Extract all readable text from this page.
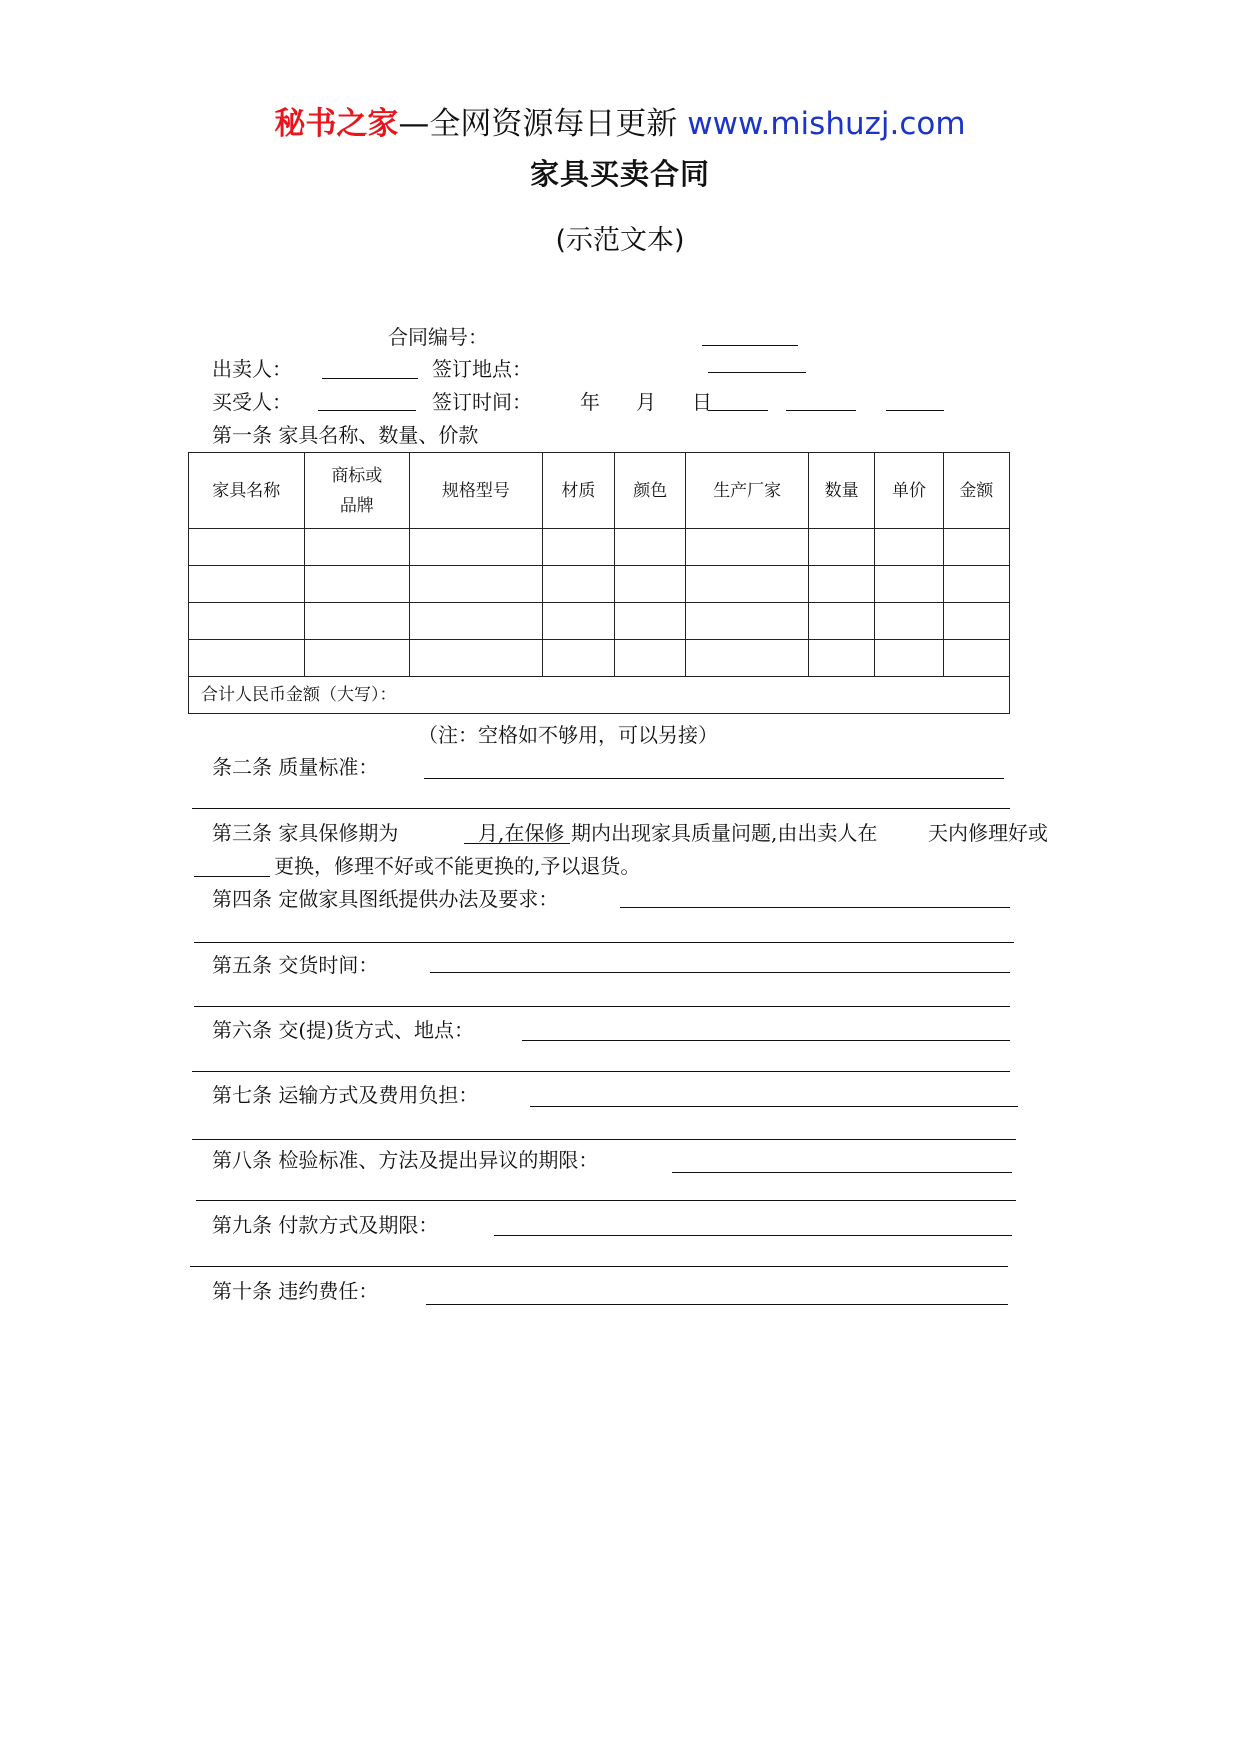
秘书之家—全网资源每日更新 www.mishuzj.com
家具买卖合同
(示范文本)
合同编号：
出卖人：	签订地点：
买受人：	签订时间： 年 月 日
第一条 家具名称、数量、价款
家具名称	商标或
品牌	规格型号	材质	颜色	生产厂家	数量	单价	金额

合计人民币金额（大写）：								
（注：空格如不够用，可以另接）
条二条 质量标准：
第三条 家具保修期为	月,在保修 期内出现家具质量问题,由出卖人在	天内修理好或
更换，修理不好或不能更换的,予以退货。
第四条 定做家具图纸提供办法及要求：
第五条 交货时间：
第六条 交(提)货方式、地点：
第七条 运输方式及费用负担：
第八条 检验标准、方法及提出异议的期限：
第九条 付款方式及期限：
第十条 违约费任：
